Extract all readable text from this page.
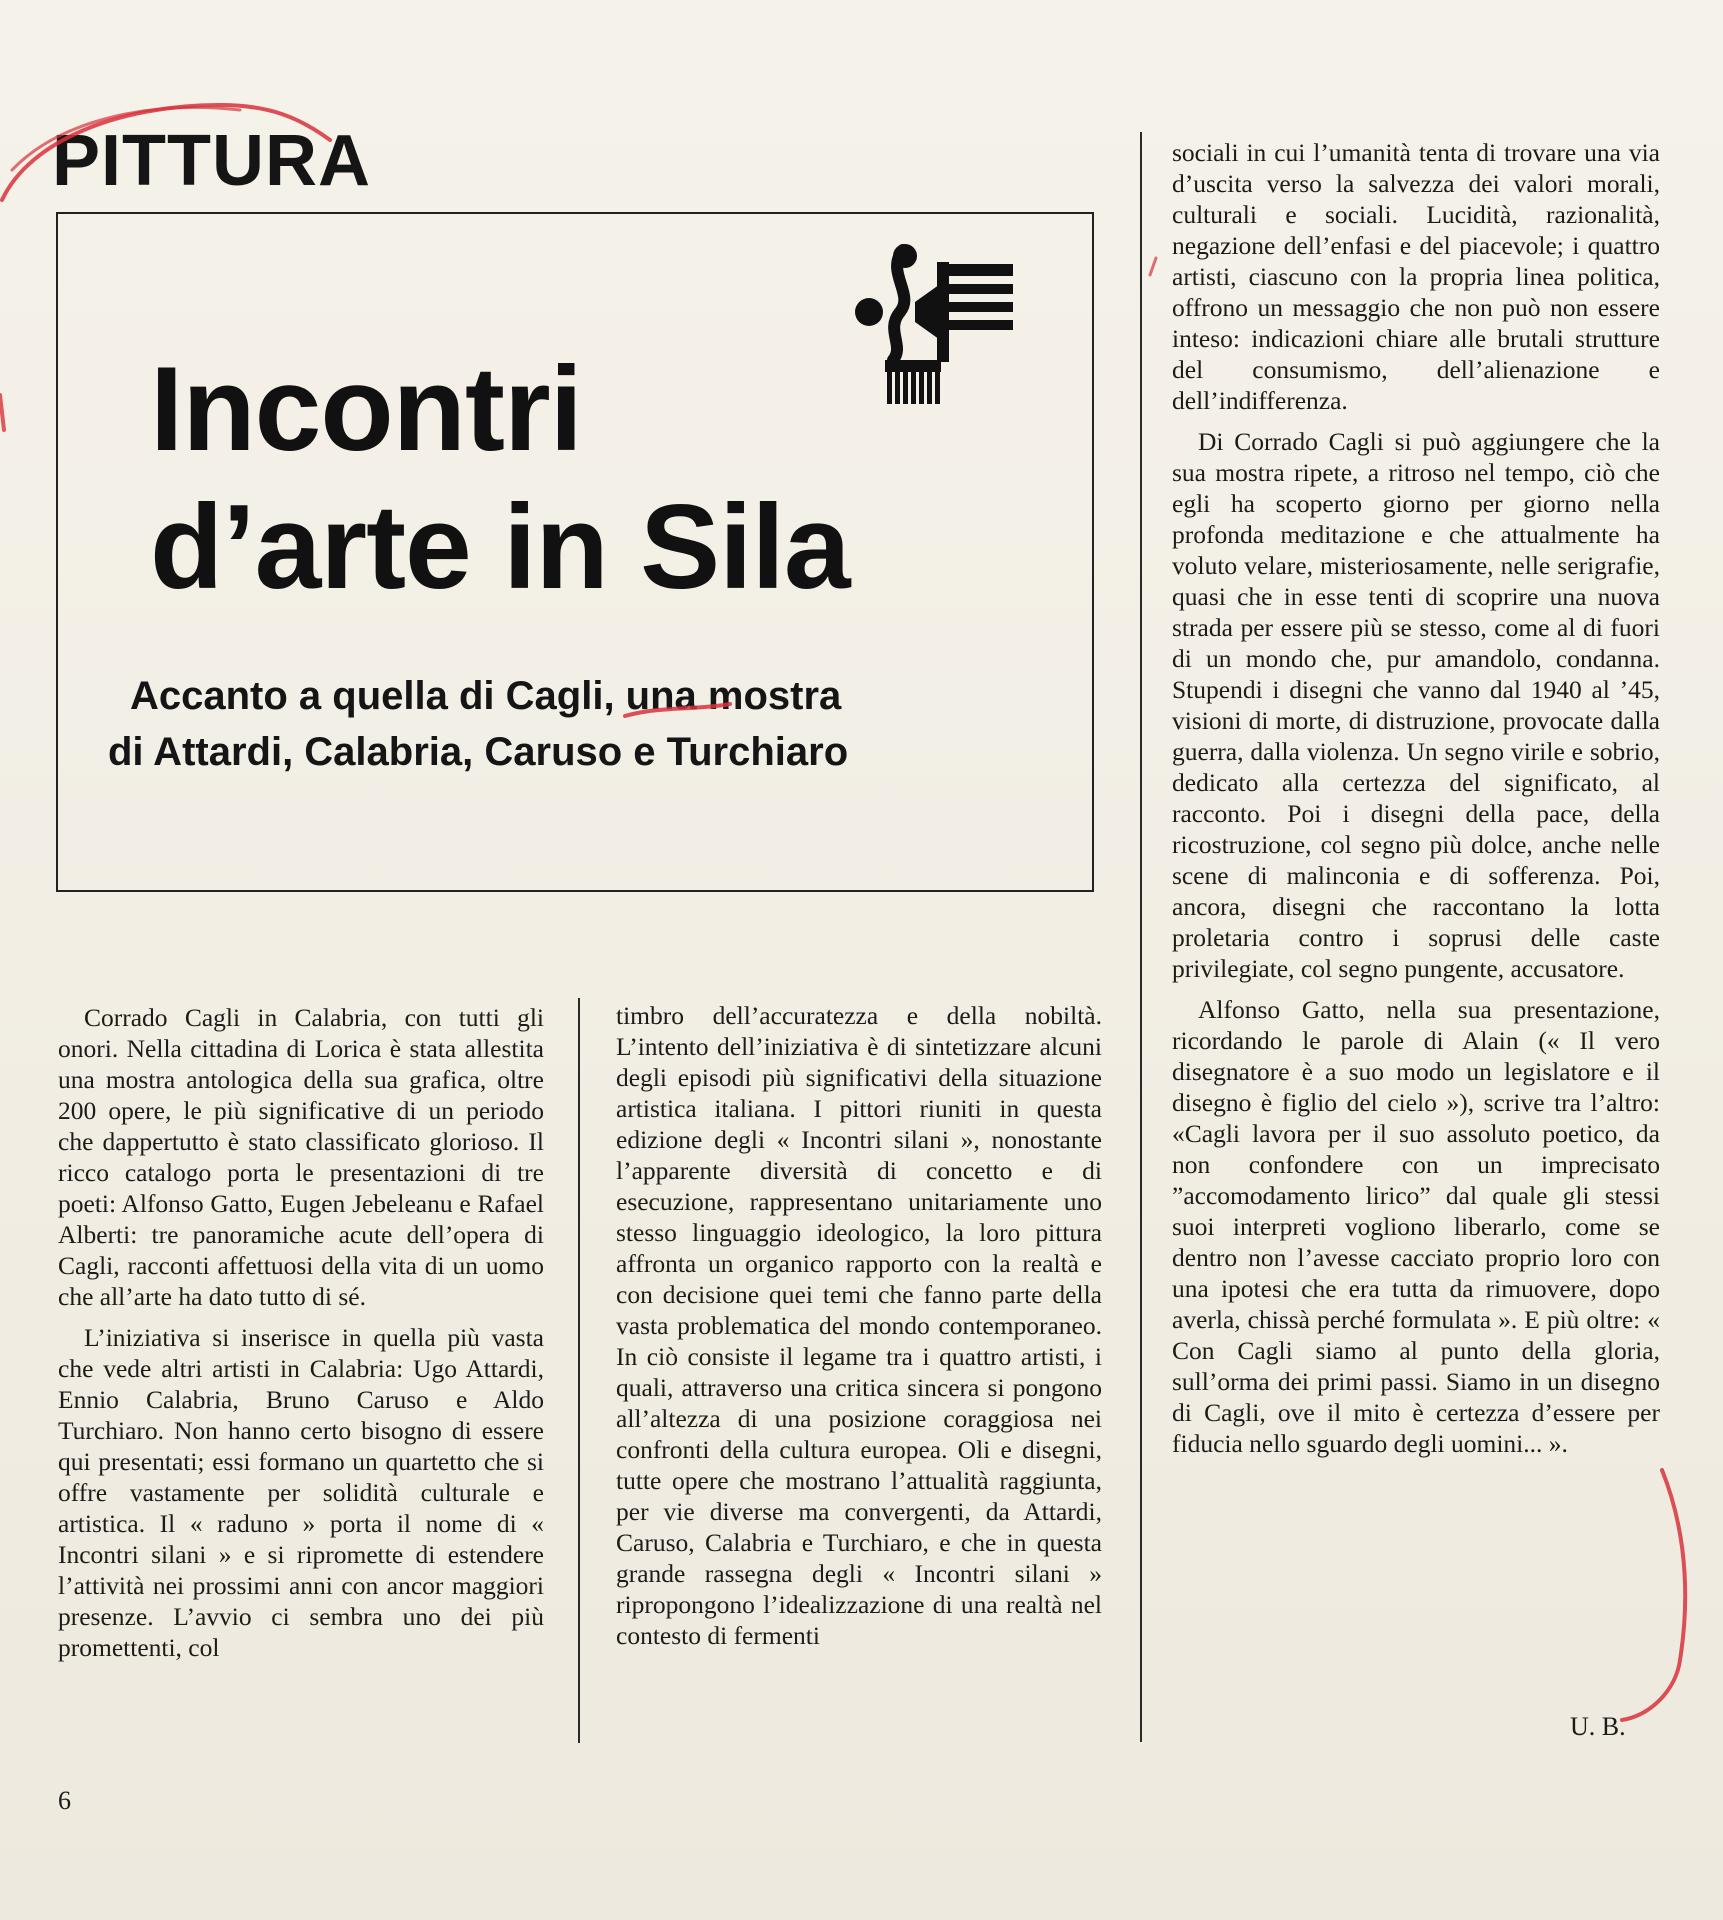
PITTURA
Incontri
d’arte in Sila
Accanto a quella di Cagli, una mostra
di Attardi, Calabria, Caruso e Turchiaro

Corrado Cagli in Calabria, con tutti gli onori. Nella cittadina di Lorica è stata allestita una mostra antologica della sua grafica, oltre 200 opere, le più significative di un periodo che dappertutto è stato classificato glorioso. Il ricco catalogo porta le presentazioni di tre poeti: Alfonso Gatto, Eugen Jebeleanu e Rafael Alberti: tre panoramiche acute dell’opera di Cagli, racconti affettuosi della vita di un uomo che all’arte ha dato tutto di sé.

L’iniziativa si inserisce in quella più vasta che vede altri artisti in Calabria: Ugo Attardi, Ennio Calabria, Bruno Caruso e Aldo Turchiaro. Non hanno certo bisogno di essere qui presentati; essi formano un quartetto che si offre vastamente per solidità culturale e artistica. Il « raduno » porta il nome di « Incontri silani » e si ripromette di estendere l’attività nei prossimi anni con ancor maggiori presenze. L’avvio ci sembra uno dei più promettenti, col

timbro dell’accuratezza e della nobiltà. L’intento dell’iniziativa è di sintetizzare alcuni degli episodi più significativi della situazione artistica italiana. I pittori riuniti in questa edizione degli « Incontri silani », nonostante l’apparente diversità di concetto e di esecuzione, rappresentano unitariamente uno stesso linguaggio ideologico, la loro pittura affronta un organico rapporto con la realtà e con decisione quei temi che fanno parte della vasta problematica del mondo contemporaneo. In ciò consiste il legame tra i quattro artisti, i quali, attraverso una critica sincera si pongono all’altezza di una posizione coraggiosa nei confronti della cultura europea. Oli e disegni, tutte opere che mostrano l’attualità raggiunta, per vie diverse ma convergenti, da Attardi, Caruso, Calabria e Turchiaro, e che in questa grande rassegna degli « Incontri silani » ripropongono l’idealizzazione di una realtà nel contesto di fermenti

sociali in cui l’umanità tenta di trovare una via d’uscita verso la salvezza dei valori morali, culturali e sociali. Lucidità, razionalità, negazione dell’enfasi e del piacevole; i quattro artisti, ciascuno con la propria linea politica, offrono un messaggio che non può non essere inteso: indicazioni chiare alle brutali strutture del consumismo, dell’alienazione e dell’indifferenza.

Di Corrado Cagli si può aggiungere che la sua mostra ripete, a ritroso nel tempo, ciò che egli ha scoperto giorno per giorno nella profonda meditazione e che attualmente ha voluto velare, misteriosamente, nelle serigrafie, quasi che in esse tenti di scoprire una nuova strada per essere più se stesso, come al di fuori di un mondo che, pur amandolo, condanna. Stupendi i disegni che vanno dal 1940 al ’45, visioni di morte, di distruzione, provocate dalla guerra, dalla violenza. Un segno virile e sobrio, dedicato alla certezza del significato, al racconto. Poi i disegni della pace, della ricostruzione, col segno più dolce, anche nelle scene di malinconia e di sofferenza. Poi, ancora, disegni che raccontano la lotta proletaria contro i soprusi delle caste privilegiate, col segno pungente, accusatore.

Alfonso Gatto, nella sua presentazione, ricordando le parole di Alain (« Il vero disegnatore è a suo modo un legislatore e il disegno è figlio del cielo »), scrive tra l’altro: «Cagli lavora per il suo assoluto poetico, da non confondere con un imprecisato ”accomodamento lirico” dal quale gli stessi suoi interpreti vogliono liberarlo, come se dentro non l’avesse cacciato proprio loro con una ipotesi che era tutta da rimuovere, dopo averla, chissà perché formulata ». E più oltre: « Con Cagli siamo al punto della gloria, sull’orma dei primi passi. Siamo in un disegno di Cagli, ove il mito è certezza d’essere per fiducia nello sguardo degli uomini... ».

U. B.
6
